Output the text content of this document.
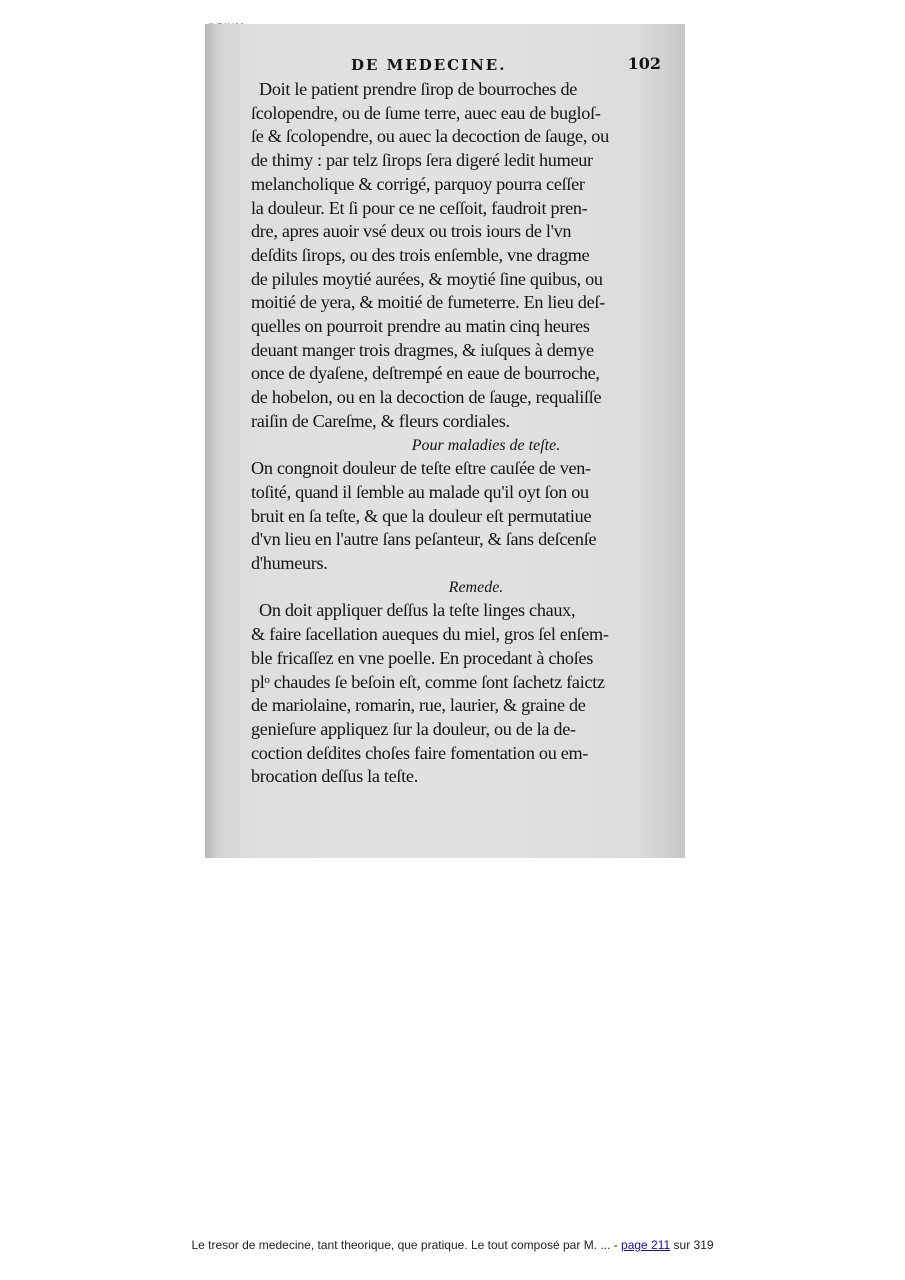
DE MEDECINE.	102
Doit le patient prendre ſirop de bourroches de
ſcolopendre, ou de ſume terre, auec eau de bugloſ-
ſe & ſcolopendre, ou auec la decoction de ſauge, ou
de thimy : par telz ſirops ſera digeré ledit humeur
melancholique & corrigé, parquoy pourra ceſſer
la douleur. Et ſi pour ce ne ceſſoit, faudroit pren-
dre, apres auoir vsé deux ou trois iours de l'vn
deſdits ſirops, ou des trois enſemble, vne dragme
de pilules moytié aurées, & moytié ſine quibus, ou
moitié de yera, & moitié de fumeterre. En lieu deſ-
quelles on pourroit prendre au matin cinq heures
deuant manger trois dragmes, & iuſques à demye
once de dyaſene, deſtrempé en eaue de bourroche,
de hobelon, ou en la decoction de ſauge, requaliſſe
raiſin de Careſme, & fleurs cordiales.
Pour maladies de teſte.
On congnoit douleur de teſte eſtre cauſée de ven-
toſité, quand il ſemble au malade qu'il oyt ſon ou
bruit en ſa teſte, & que la douleur eſt permutatiue
d'vn lieu en l'autre ſans peſanteur, & ſans deſcenſe
d'humeurs.
Remede.
On doit appliquer deſſus la teſte linges chaux,
& faire ſacellation aueques du miel, gros ſel enſem-
ble fricaſſez en vne poelle. En procedant à choſes
plᵒ chaudes ſe beſoin eſt, comme ſont ſachetz faictz
de mariolaine, romarin, rue, laurier, & graine de
genieſure appliquez ſur la douleur, ou de la de-
coction deſdites choſes faire fomentation ou em-
brocation deſſus la teſte.
Le tresor de medecine, tant theorique, que pratique. Le tout composé par M. ... - page 211 sur 319
